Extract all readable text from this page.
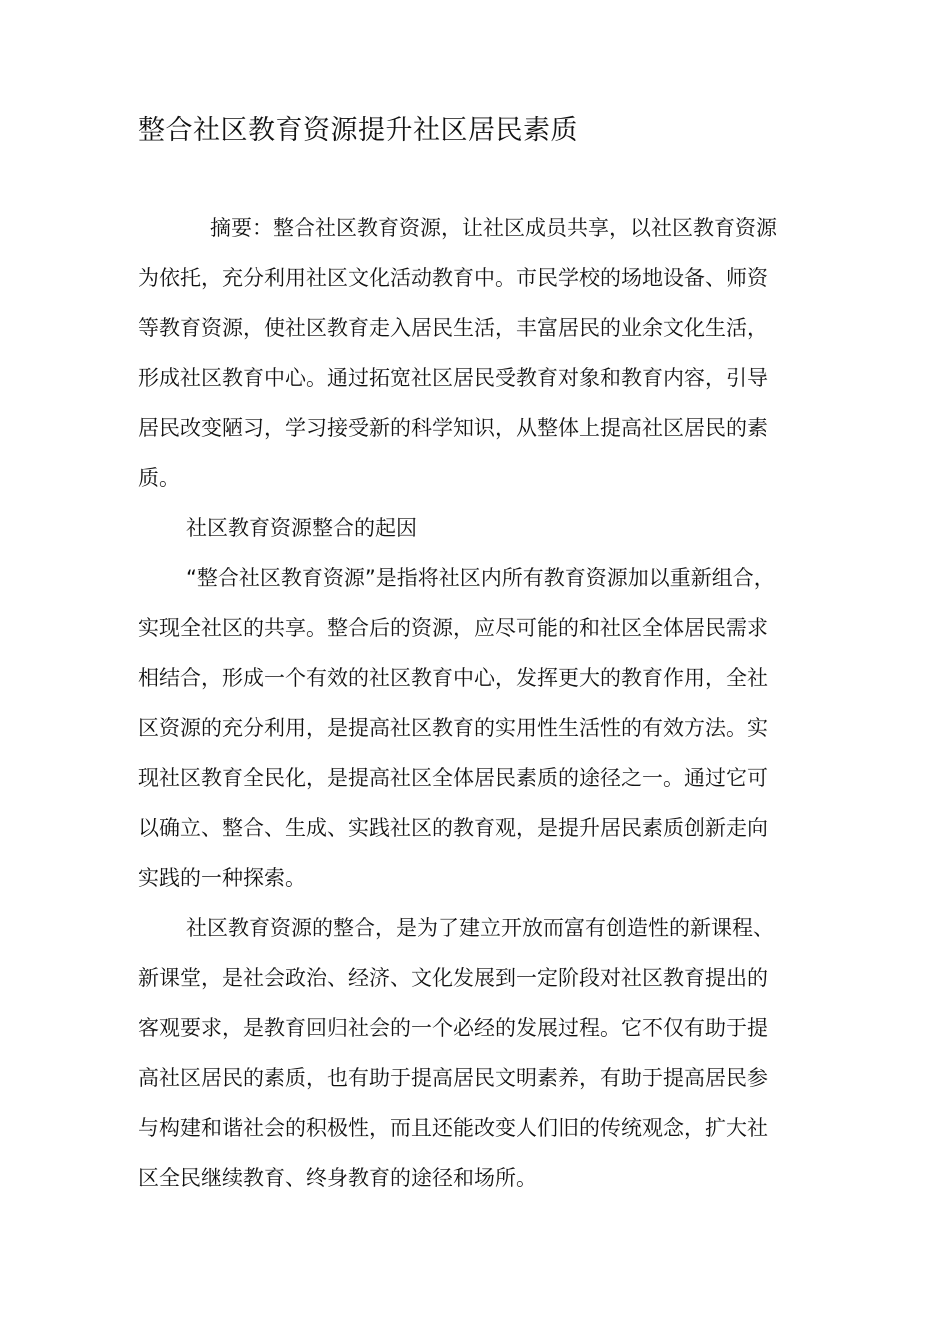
整合社区教育资源提升社区居民素质
摘要：整合社区教育资源，让社区成员共享，以社区教育资源
为依托，充分利用社区文化活动教育中。市民学校的场地设备、师资
等教育资源，使社区教育走入居民生活，丰富居民的业余文化生活，
形成社区教育中心。通过拓宽社区居民受教育对象和教育内容，引导
居民改变陋习，学习接受新的科学知识，从整体上提高社区居民的素
质。
社区教育资源整合的起因
“整合社区教育资源”是指将社区内所有教育资源加以重新组合，
实现全社区的共享。整合后的资源，应尽可能的和社区全体居民需求
相结合，形成一个有效的社区教育中心，发挥更大的教育作用，全社
区资源的充分利用，是提高社区教育的实用性生活性的有效方法。实
现社区教育全民化，是提高社区全体居民素质的途径之一。通过它可
以确立、整合、生成、实践社区的教育观，是提升居民素质创新走向
实践的一种探索。
社区教育资源的整合，是为了建立开放而富有创造性的新课程、
新课堂，是社会政治、经济、文化发展到一定阶段对社区教育提出的
客观要求，是教育回归社会的一个必经的发展过程。它不仅有助于提
高社区居民的素质，也有助于提高居民文明素养，有助于提高居民参
与构建和谐社会的积极性，而且还能改变人们旧的传统观念，扩大社
区全民继续教育、终身教育的途径和场所。
